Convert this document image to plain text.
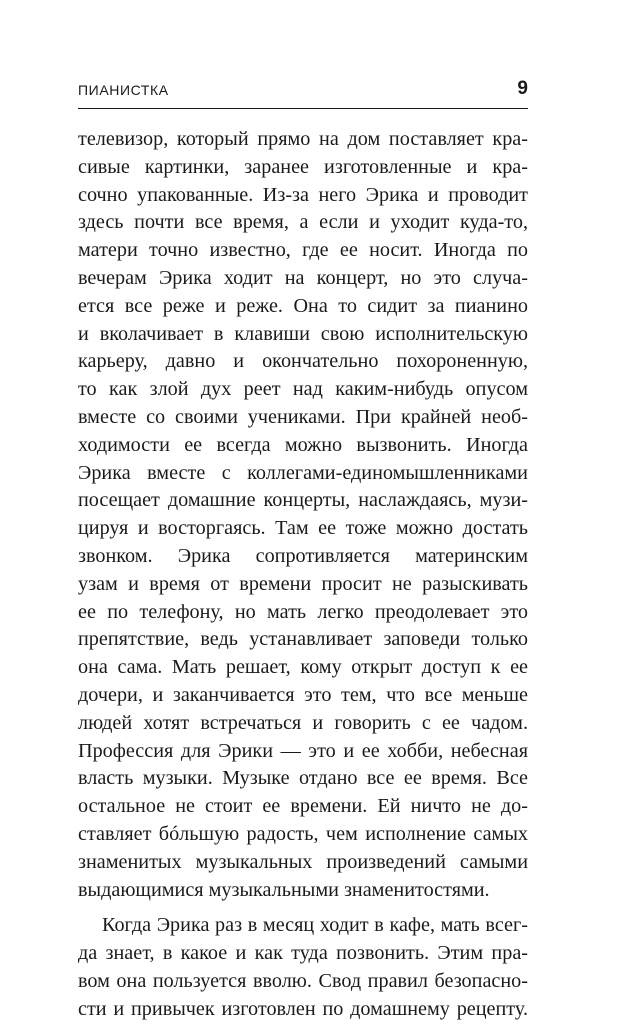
ПИАНИСТКА	9
телевизор, который прямо на дом поставляет кра-
сивые картинки, заранее изготовленные и кра-
сочно упакованные. Из-за него Эрика и проводит
здесь почти все время, а если и уходит куда-то,
матери точно известно, где ее носит. Иногда по
вечерам Эрика ходит на концерт, но это случа-
ется все реже и реже. Она то сидит за пианино
и вколачивает в клавиши свою исполнительскую
карьеру, давно и окончательно похороненную,
то как злой дух реет над каким-нибудь опусом
вместе со своими учениками. При крайней необ-
ходимости ее всегда можно вызвонить. Иногда
Эрика вместе с коллегами-единомышленниками
посещает домашние концерты, наслаждаясь, музи-
цируя и восторгаясь. Там ее тоже можно достать
звонком. Эрика сопротивляется материнским
узам и время от времени просит не разыскивать
ее по телефону, но мать легко преодолевает это
препятствие, ведь устанавливает заповеди только
она сама. Мать решает, кому открыт доступ к ее
дочери, и заканчивается это тем, что все меньше
людей хотят встречаться и говорить с ее чадом.
Профессия для Эрики — это и ее хобби, небесная
власть музыки. Музыке отдано все ее время. Все
остальное не стоит ее времени. Ей ничто не до-
ставляет бóльшую радость, чем исполнение самых
знаменитых музыкальных произведений самыми
выдающимися музыкальными знаменитостями.
Когда Эрика раз в месяц ходит в кафе, мать всег-
да знает, в какое и как туда позвонить. Этим пра-
вом она пользуется вволю. Свод правил безопасно-
сти и привычек изготовлен по домашнему рецепту.
